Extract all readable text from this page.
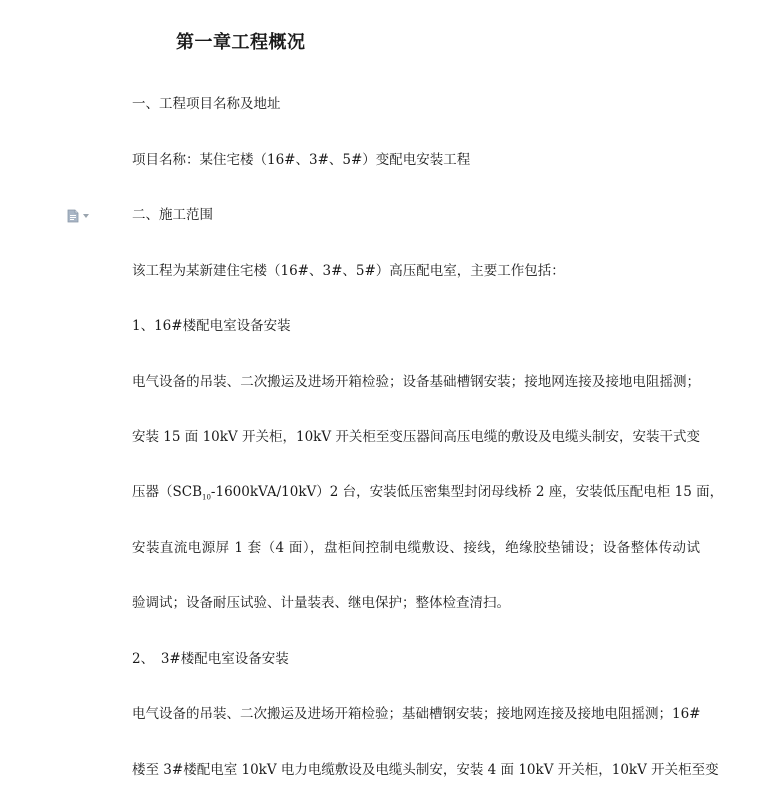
第一章工程概况
一、工程项目名称及地址
项目名称：某住宅楼（16#、3#、5#）变配电安装工程
二、施工范围
该工程为某新建住宅楼（16#、3#、5#）高压配电室，主要工作包括：
1、16#楼配电室设备安装
电气设备的吊装、二次搬运及进场开箱检验；设备基础槽钢安装；接地网连接及接地电阻摇测；
安装 15 面 10kV 开关柜，10kV 开关柜至变压器间高压电缆的敷设及电缆头制安，安装干式变
压器$(SCB_{10}-1600kVA/10kV)2$ 台，安装低压密集型封闭母线桥 2 座，安装低压配电柜 15 面，
安装直流电源屏 1 套（4 面），盘柜间控制电缆敷设、接线，绝缘胶垫铺设；设备整体传动试
验调试；设备耐压试验、计量装表、继电保护；整体检查清扫。
2、　3#楼配电室设备安装
电气设备的吊装、二次搬运及进场开箱检验；基础槽钢安装；接地网连接及接地电阻摇测；16#
楼至 3#楼配电室 10kV 电力电缆敷设及电缆头制安，安装 4 面 10kV 开关柜，10kV 开关柜至变
